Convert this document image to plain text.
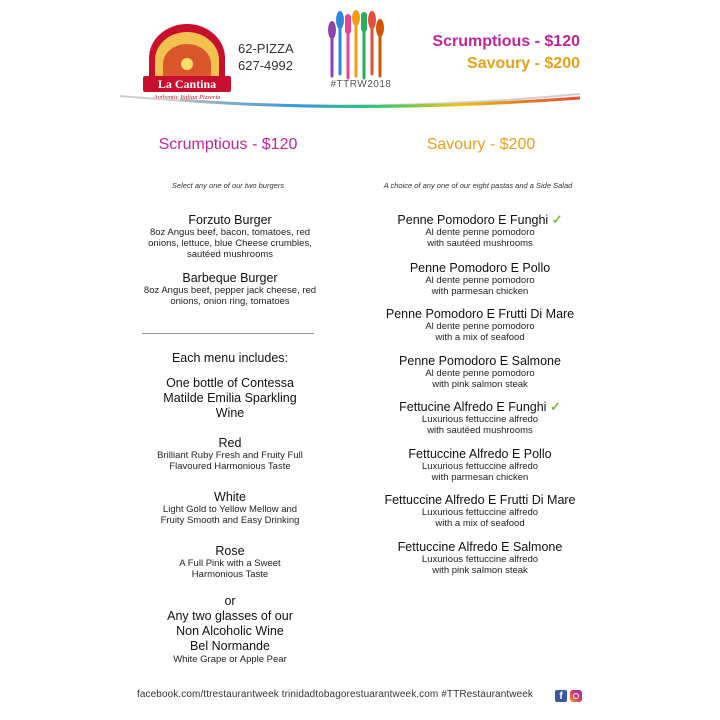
La Cantina
Authentic Italian Pizzeria
62-PIZZA
627-4992
#TTRW2018
Scrumptious - $120
Savoury - $200
Scrumptious - $120	Savoury - $200
Select any one of our two burgers	A choice of any one of our eight pastas and a Side Salad
Forzuto Burger
8oz Angus beef, bacon, tomatoes, red
onions, lettuce, blue Cheese crumbles,
sautéed mushrooms
Barbeque Burger
8oz Angus beef, pepper jack cheese, red
onions, onion ring, tomatoes
Each menu includes:
One bottle of Contessa
Matilde Emilia Sparkling
Wine
Red
Brilliant Ruby Fresh and Fruity Full
Flavoured Harmonious Taste
White
Light Gold to Yellow Mellow and
Fruity Smooth and Easy Drinking
Rose
A Full Pink with a Sweet
Harmonious Taste
or
Any two glasses of our
Non Alcoholic Wine
Bel Normande
White Grape or Apple Pear
Penne Pomodoro E Funghi ✓
Al dente penne pomodoro
with sautéed mushrooms
Penne Pomodoro E Pollo
Al dente penne pomodoro
with parmesan chicken
Penne Pomodoro E Frutti Di Mare
Al dente penne pomodoro
with a mix of seafood
Penne Pomodoro E Salmone
Al dente penne pomodoro
with pink salmon steak
Fettucine Alfredo E Funghi ✓
Luxurious fettuccine alfredo
with sautéed mushrooms
Fettuccine Alfredo E Pollo
Luxurious fettuccine alfredo
with parmesan chicken
Fettuccine Alfredo E Frutti Di Mare
Luxurious fettuccine alfredo
with a mix of seafood
Fettuccine Alfredo E Salmone
Luxurious fettuccine alfredo
with pink salmon steak
facebook.com/ttrestaurantweek trinidadtobagorestuarantweek.com #TTRestaurantweek	f
